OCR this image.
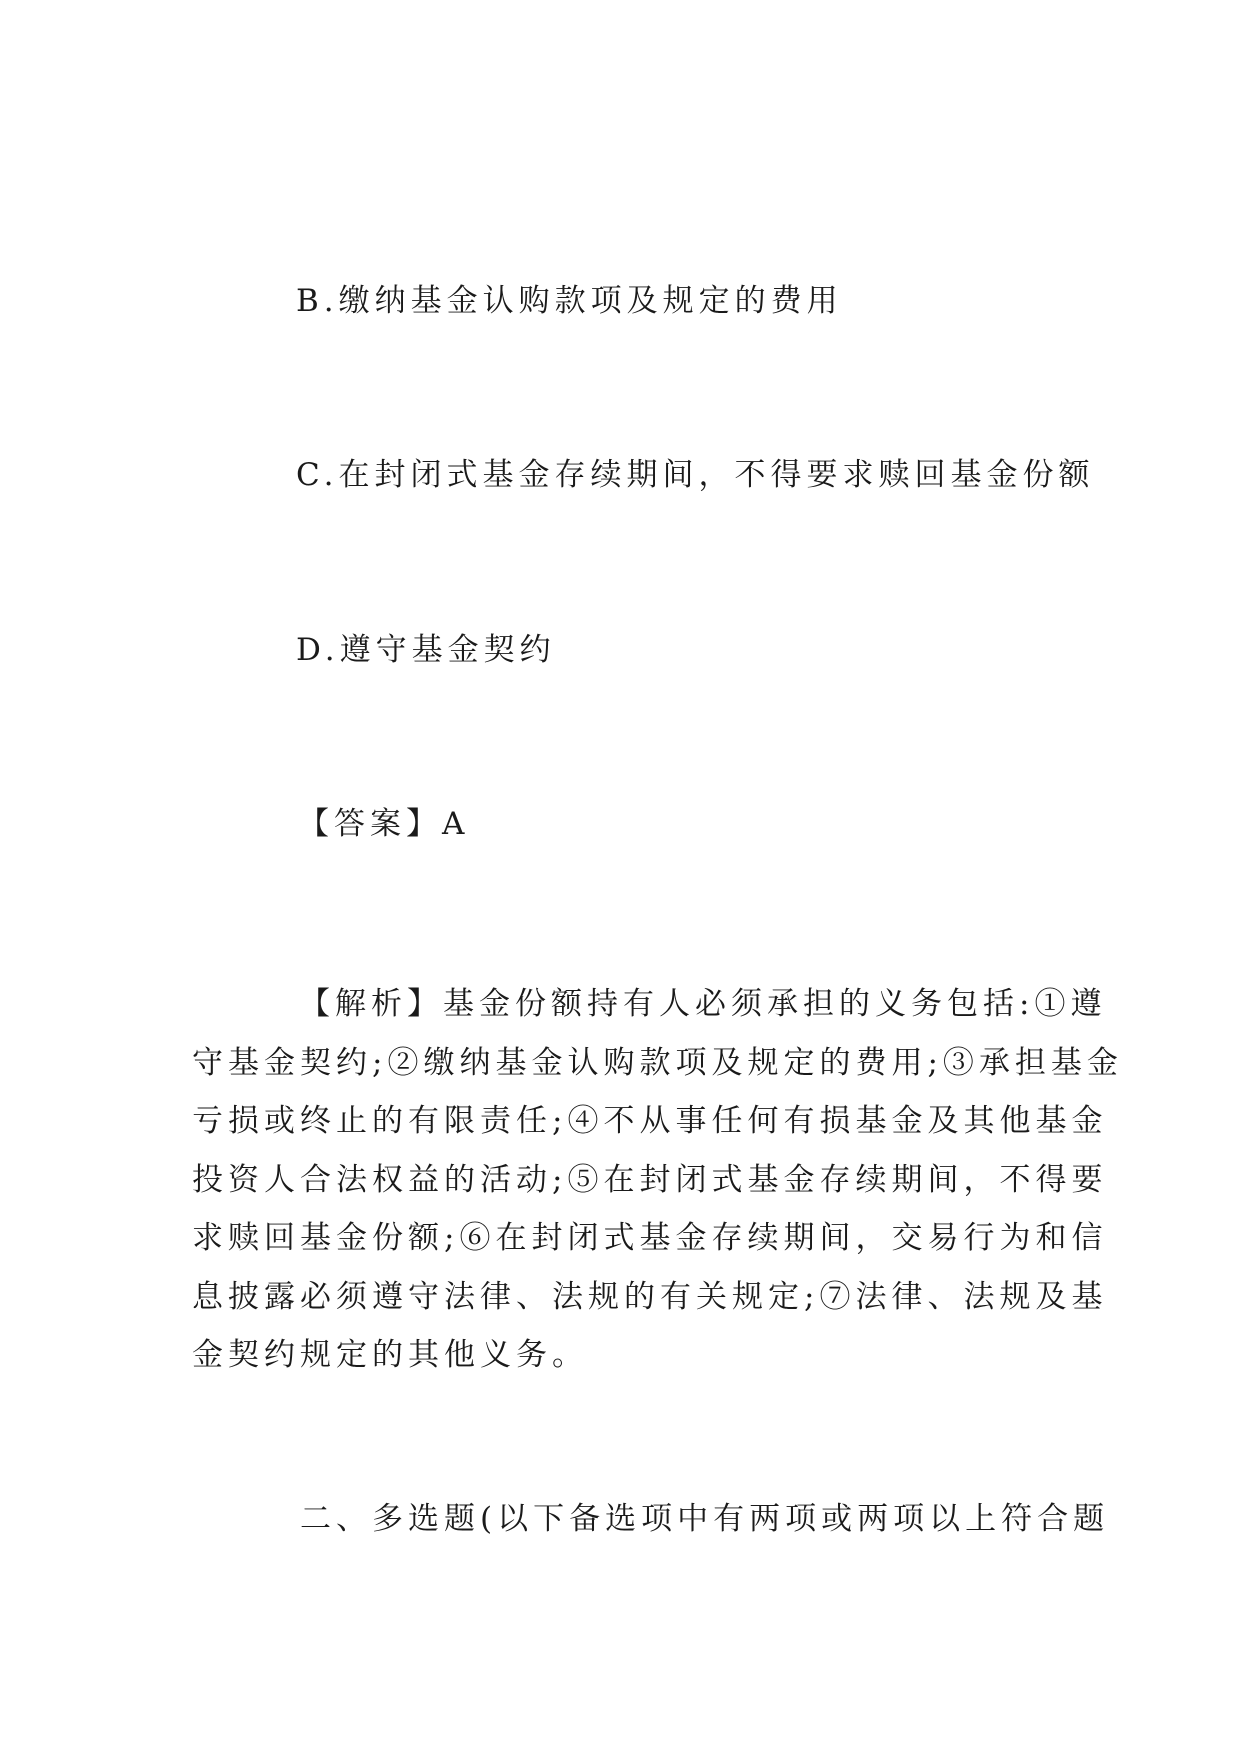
B.缴纳基金认购款项及规定的费用
C.在封闭式基金存续期间，不得要求赎回基金份额
D.遵守基金契约
【答案】A
【解析】基金份额持有人必须承担的义务包括:①遵
守基金契约;②缴纳基金认购款项及规定的费用;③承担基金
亏损或终止的有限责任;④不从事任何有损基金及其他基金
投资人合法权益的活动;⑤在封闭式基金存续期间，不得要
求赎回基金份额;⑥在封闭式基金存续期间，交易行为和信
息披露必须遵守法律、法规的有关规定;⑦法律、法规及基
金契约规定的其他义务。
二、多选题(以下备选项中有两项或两项以上符合题
